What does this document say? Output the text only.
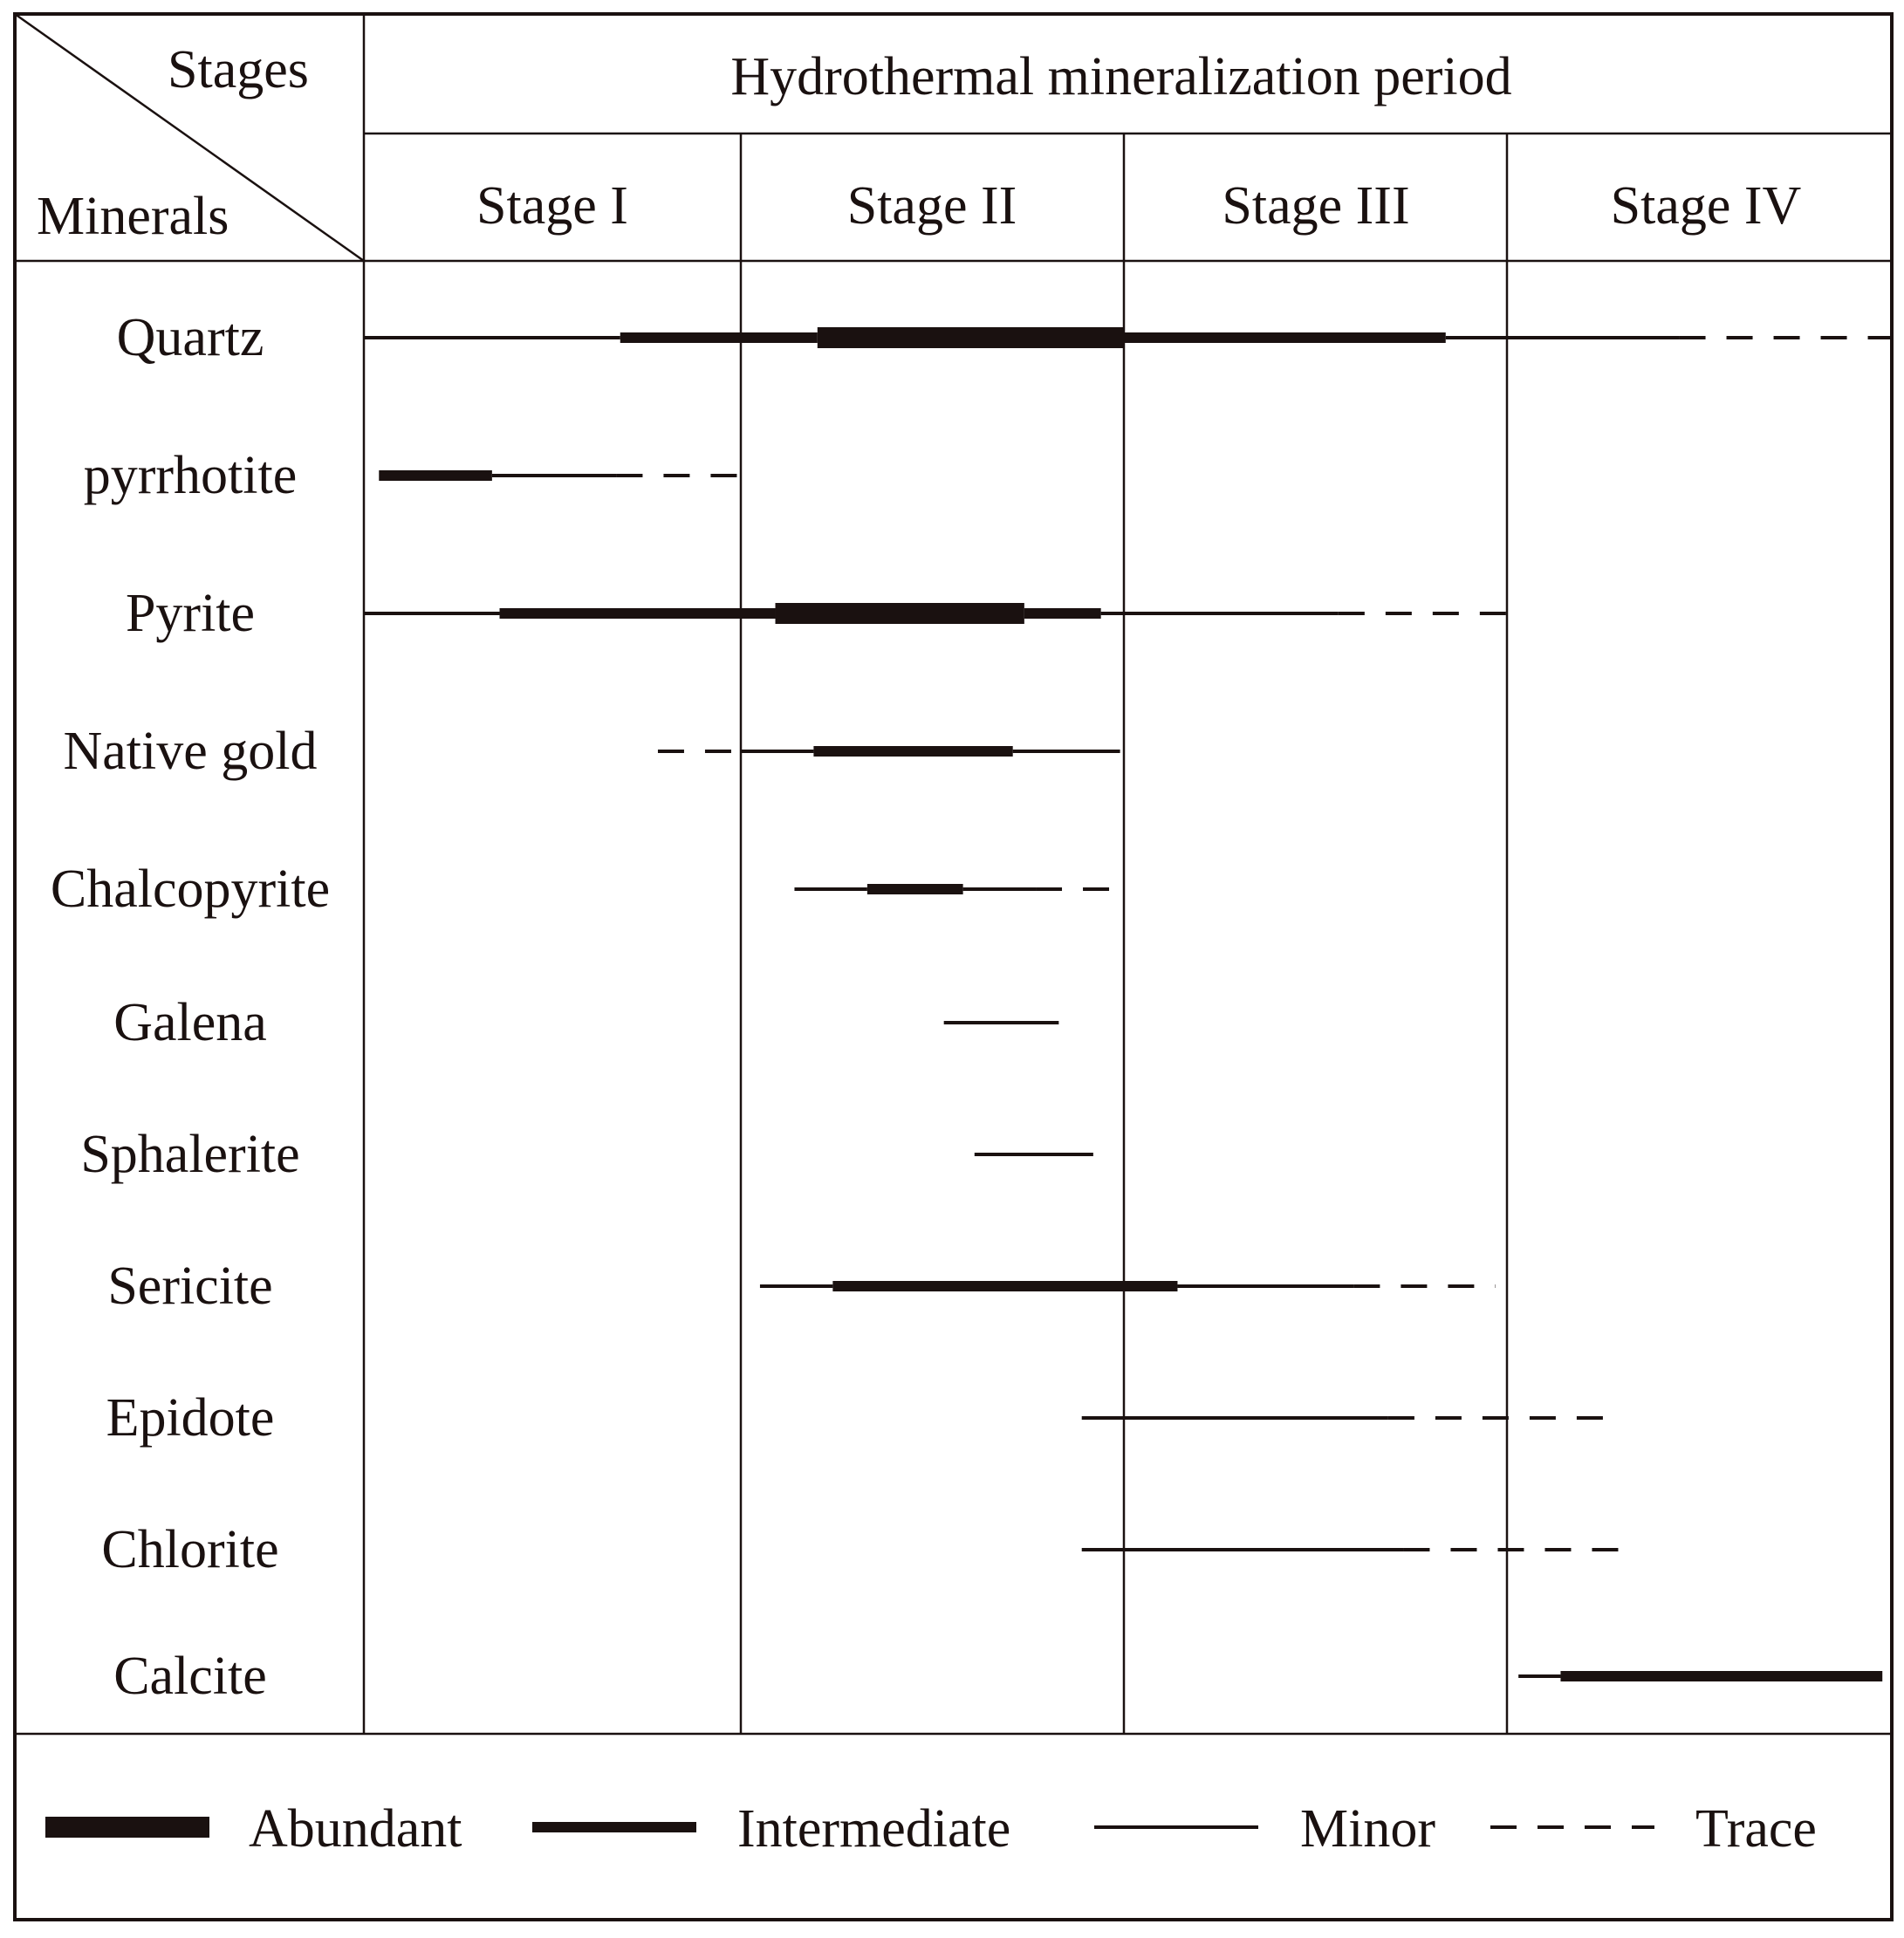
Stages
Minerals
Hydrothermal mineralization period
Stage I	Stage II	Stage III	Stage IV
Quartz
pyrrhotite
Pyrite
Native gold
Chalcopyrite
Galena
Sphalerite
Sericite
Epidote
Chlorite
Calcite
Abundant	Intermediate	Minor	Trace
